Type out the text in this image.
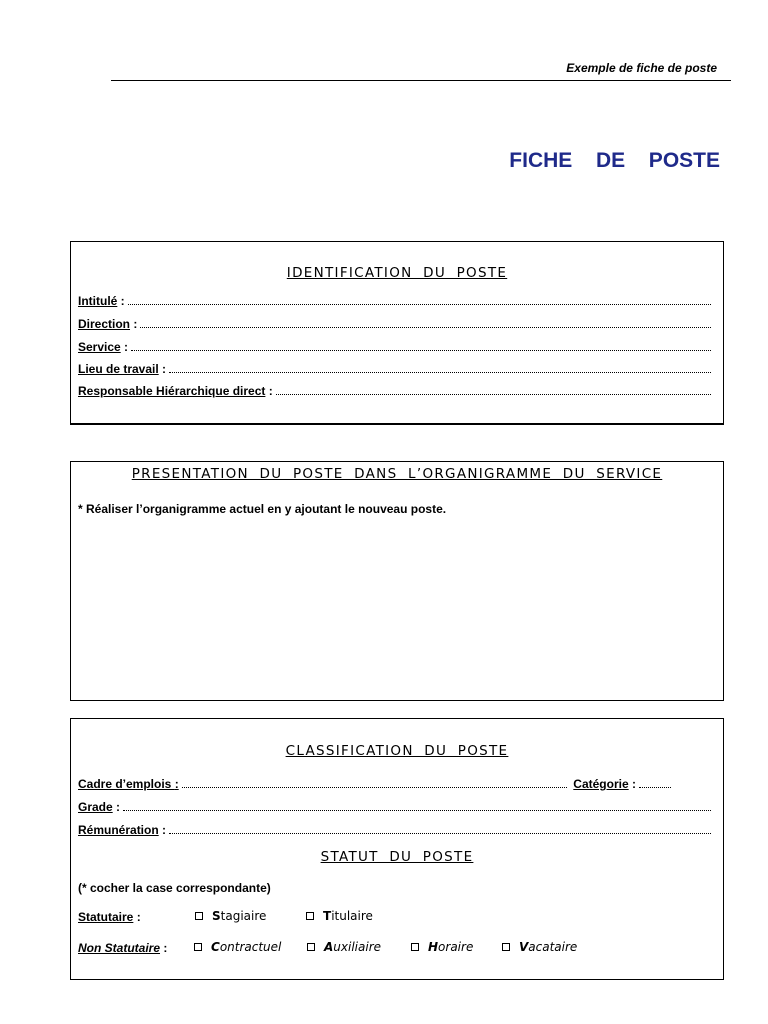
Exemple de fiche de poste
FICHE  DE  POSTE
IDENTIFICATION DU POSTE
Intitulé :
Direction :
Service :
Lieu de travail :
Responsable Hiérarchique direct :
PRESENTATION DU POSTE DANS L’ORGANIGRAMME DU SERVICE
* Réaliser l’organigramme actuel en y ajoutant le nouveau poste.
CLASSIFICATION DU POSTE
Cadre d’emplois :	Catégorie :
Grade :
Rémunération :
STATUT DU POSTE
(* cocher la case correspondante)
Statutaire :	S tagiaire	T itulaire
Non Statutaire :	C ontractuel	A uxiliaire	H oraire	V acataire
